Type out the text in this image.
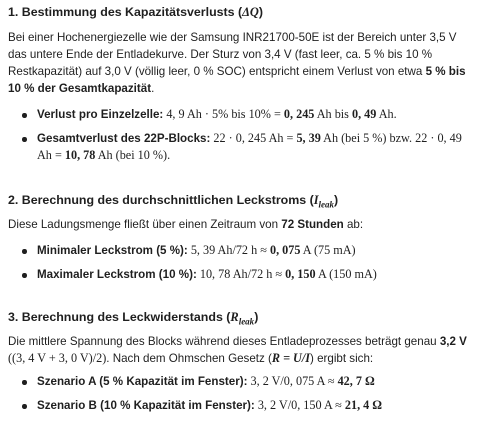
1. Bestimmung des Kapazitätsverlusts (ΔQ)

Bei einer Hochenergiezelle wie der Samsung INR21700-50E ist der Bereich unter 3,5 V

das untere Ende der Entladekurve. Der Sturz von 3,4 V (fast leer, ca. 5 % bis 10 %

Restkapazität) auf 3,0 V (völlig leer, 0 % SOC) entspricht einem Verlust von etwa 5 % bis

10 % der Gesamtkapazität.

Verlust pro Einzelzelle: 4, 9 Ah · 5% bis 10% = 0, 245 Ah bis 0, 49 Ah.
Gesamtverlust des 22P-Blocks: 22 · 0, 245 Ah = 5, 39 Ah (bei 5 %) bzw. 22 · 0, 49
Ah = 10, 78 Ah (bei 10 %).
2. Berechnung des durchschnittlichen Leckstroms $(I_{leak})$

Diese Ladungsmenge fließt über einen Zeitraum von 72 Stunden ab:

Minimaler Leckstrom (5 %): 5, 39 Ah/72 h ≈ 0, 075 A (75 mA)
Maximaler Leckstrom (10 %): 10, 78 Ah/72 h ≈ 0, 150 A (150 mA)
3. Berechnung des Leckwiderstands $(R_{leak})$

Die mittlere Spannung des Blocks während dieses Entladeprozesses beträgt genau 3,2 V

((3, 4 V + 3, 0 V)/2). Nach dem Ohmschen Gesetz (R = U/I) ergibt sich:

Szenario A (5 % Kapazität im Fenster): 3, 2 V/0, 075 A ≈ 42, 7 Ω
Szenario B (10 % Kapazität im Fenster): 3, 2 V/0, 150 A ≈ 21, 4 Ω
